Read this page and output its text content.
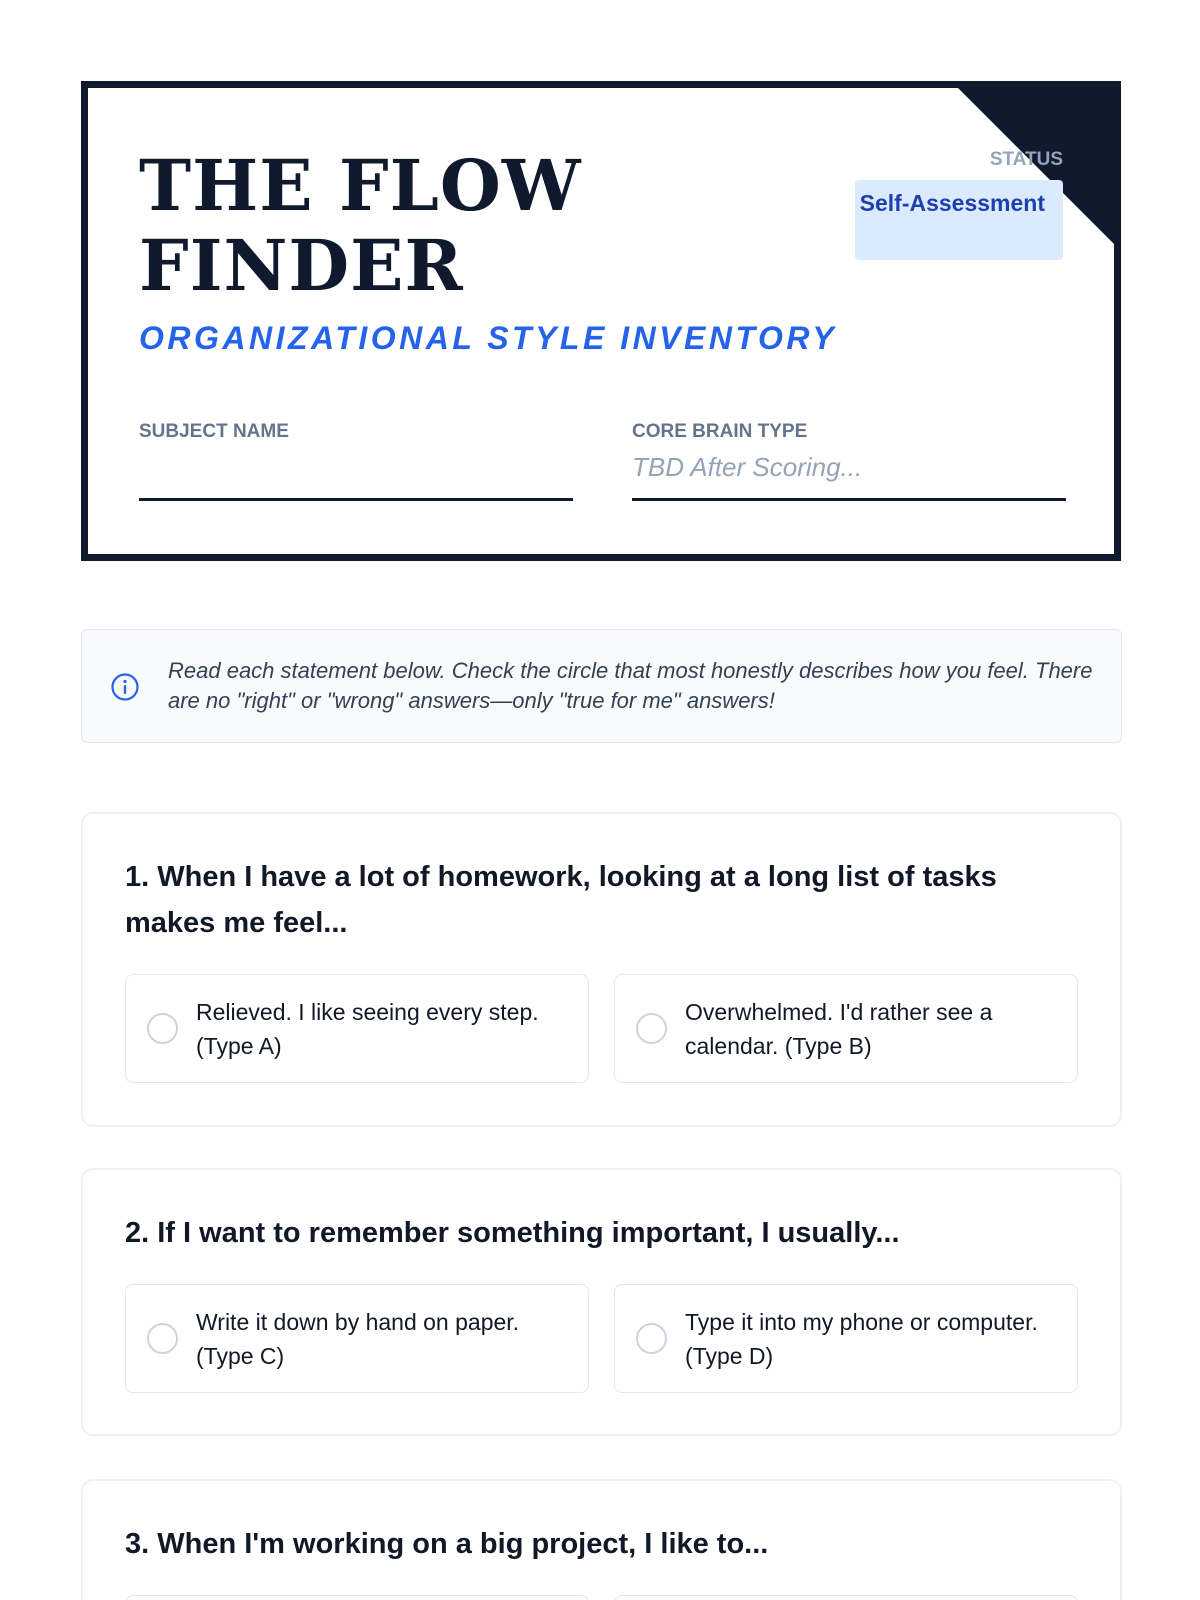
THE FLOW FINDER
ORGANIZATIONAL STYLE INVENTORY
STATUS
Self-Assessment
SUBJECT NAME	CORE BRAIN TYPE
TBD After Scoring...
Read each statement below. Check the circle that most honestly describes how you feel. There are no "right" or "wrong" answers—only "true for me" answers!
1. When I have a lot of homework, looking at a long list of tasks makes me feel...
Relieved. I like seeing every step. (Type A)
Overwhelmed. I'd rather see a calendar. (Type B)
2. If I want to remember something important, I usually...
Write it down by hand on paper. (Type C)
Type it into my phone or computer. (Type D)
3. When I'm working on a big project, I like to...
